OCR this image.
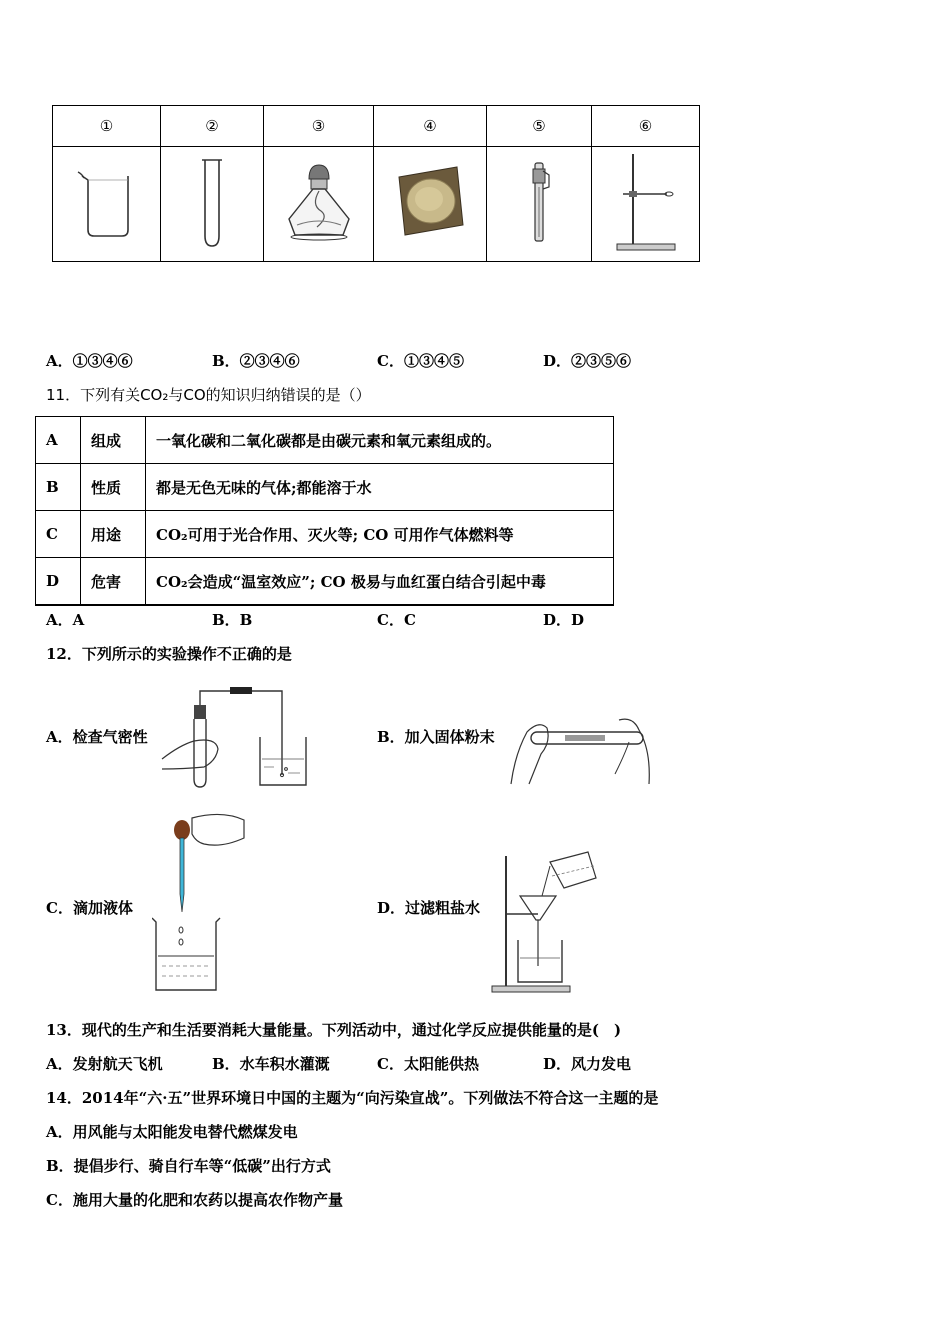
①	②	③	④	⑤	⑥

A．①③④⑥	B．②③④⑥	C．①③④⑤	D．②③⑤⑥
11．下列有关CO₂与CO的知识归纳错误的是（）
A	组成	一氧化碳和二氧化碳都是由碳元素和氧元素组成的。
B	性质	都是无色无味的气体;都能溶于水
C	用途	CO₂可用于光合作用、灭火等; CO 可用作气体燃料等
D	危害	CO₂会造成“温室效应”; CO 极易与血红蛋白结合引起中毒
A．A	B．B	C．C	D．D
12．下列所示的实验操作不正确的是
A．检查气密性	B．加入固体粉末
C．滴加液体	D．过滤粗盐水
13．现代的生产和生活要消耗大量能量。下列活动中，通过化学反应提供能量的是(　)
A．发射航天飞机	B．水车积水灌溉	C．太阳能供热	D．风力发电
14．2014年“六·五”世界环境日中国的主题为“向污染宣战”。下列做法不符合这一主题的是
A．用风能与太阳能发电替代燃煤发电
B．提倡步行、骑自行车等“低碳”出行方式
C．施用大量的化肥和农药以提高农作物产量
